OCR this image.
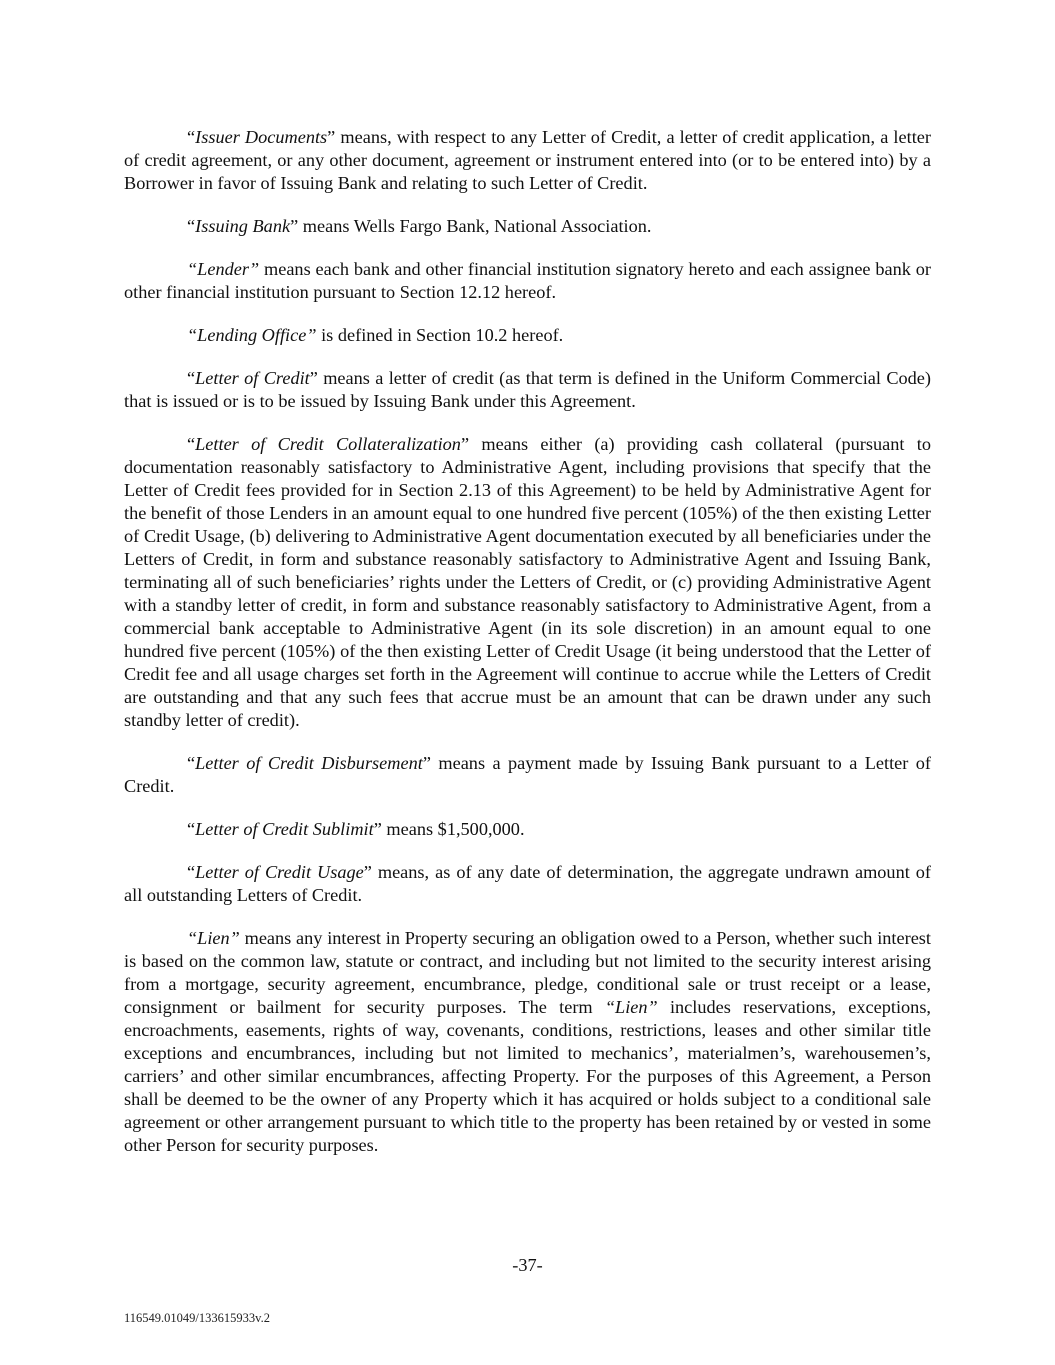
“Issuer Documents” means, with respect to any Letter of Credit, a letter of credit application, a letter of credit agreement, or any other document, agreement or instrument entered into (or to be entered into) by a Borrower in favor of Issuing Bank and relating to such Letter of Credit.

“Issuing Bank” means Wells Fargo Bank, National Association.

“Lender” means each bank and other financial institution signatory hereto and each assignee bank or other financial institution pursuant to Section 12.12 hereof.

“Lending Office” is defined in Section 10.2 hereof.

“Letter of Credit” means a letter of credit (as that term is defined in the Uniform Commercial Code) that is issued or is to be issued by Issuing Bank under this Agreement.

“Letter of Credit Collateralization” means either (a) providing cash collateral (pursuant to documentation reasonably satisfactory to Administrative Agent, including provisions that specify that the Letter of Credit fees provided for in Section 2.13 of this Agreement) to be held by Administrative Agent for the benefit of those Lenders in an amount equal to one hundred five percent (105%) of the then existing Letter of Credit Usage, (b) delivering to Administrative Agent documentation executed by all beneficiaries under the Letters of Credit, in form and substance reasonably satisfactory to Administrative Agent and Issuing Bank, terminating all of such beneficiaries’ rights under the Letters of Credit, or (c) providing Administrative Agent with a standby letter of credit, in form and substance reasonably satisfactory to Administrative Agent, from a commercial bank acceptable to Administrative Agent (in its sole discretion) in an amount equal to one hundred five percent (105%) of the then existing Letter of Credit Usage (it being understood that the Letter of Credit fee and all usage charges set forth in the Agreement will continue to accrue while the Letters of Credit are outstanding and that any such fees that accrue must be an amount that can be drawn under any such standby letter of credit).

“Letter of Credit Disbursement” means a payment made by Issuing Bank pursuant to a Letter of Credit.

“Letter of Credit Sublimit” means $1,500,000.

“Letter of Credit Usage” means, as of any date of determination, the aggregate undrawn amount of all outstanding Letters of Credit.

“Lien” means any interest in Property securing an obligation owed to a Person, whether such interest is based on the common law, statute or contract, and including but not limited to the security interest arising from a mortgage, security agreement, encumbrance, pledge, conditional sale or trust receipt or a lease, consignment or bailment for security purposes. The term “Lien” includes reservations, exceptions, encroachments, easements, rights of way, covenants, conditions, restrictions, leases and other similar title exceptions and encumbrances, including but not limited to mechanics’, materialmen’s, warehousemen’s, carriers’ and other similar encumbrances, affecting Property. For the purposes of this Agreement, a Person shall be deemed to be the owner of any Property which it has acquired or holds subject to a conditional sale agreement or other arrangement pursuant to which title to the property has been retained by or vested in some other Person for security purposes.

-37-
116549.01049/133615933v.2
